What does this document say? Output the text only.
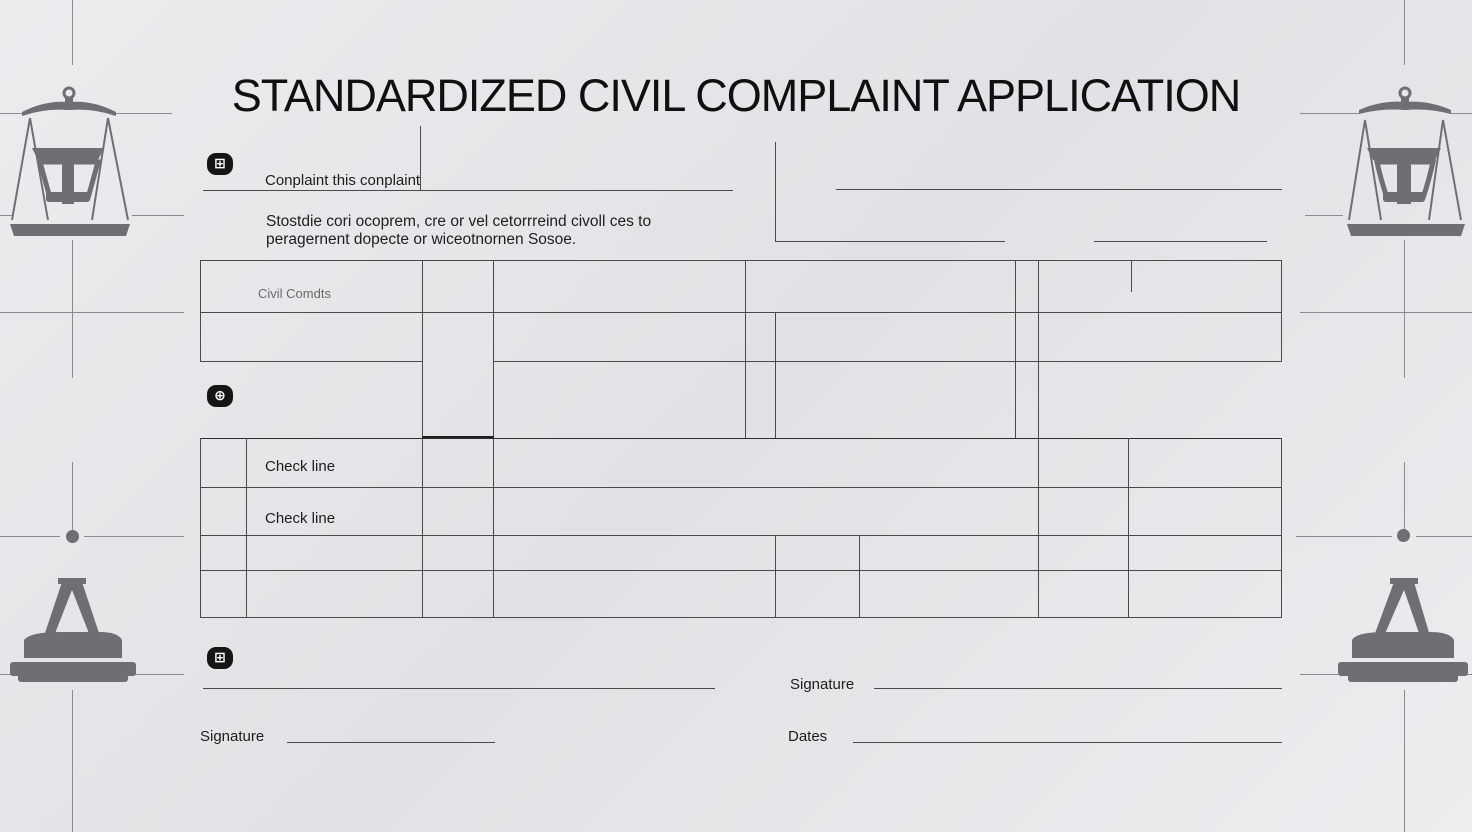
STANDARDIZED CIVIL COMPLAINT APPLICATION
⊞
Conplaint this conplaint
Stostdie cori ocoprem, cre or vel cetorrreind civoll ces to
peragernent dopecte or wiceotnornen Sosoe.
Civil Comdts
⊕
Check line
Check line
⊞
Signature
Signature	Dates
